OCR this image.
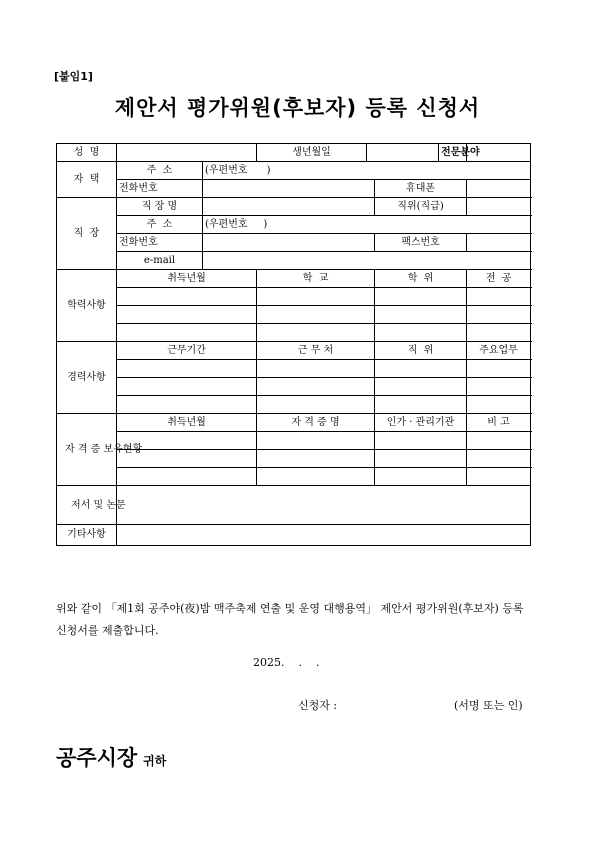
[붙임1]
제안서 평가위원(후보자) 등록 신청서
성  명			생년월일			전문분야	
자  택	주  소	(우편번호      )					
	전화번호				휴대폰		
직  장	직 장 명				직위(직급)		
	주  소	(우편번호     )					
	전화번호				팩스번호		
	e-mail						
학력사항	취득년월		학  교		학  위		전  공

경력사항	근무기간		근 무 처		직  위		주요업무

자 격 증 보유현황	취득년월		자 격 증 명		인가 · 관리기관		비 고

저서 및 논문							
기타사항							
위와 같이 「제1회 공주야(夜)밤 맥주축제 연출 및 운영 대행용역」 제안서 평가위원(후보자) 등록 신청서를 제출합니다.
2025.    .    .
신청자 :	(서명 또는 인)
공주시장 귀하
